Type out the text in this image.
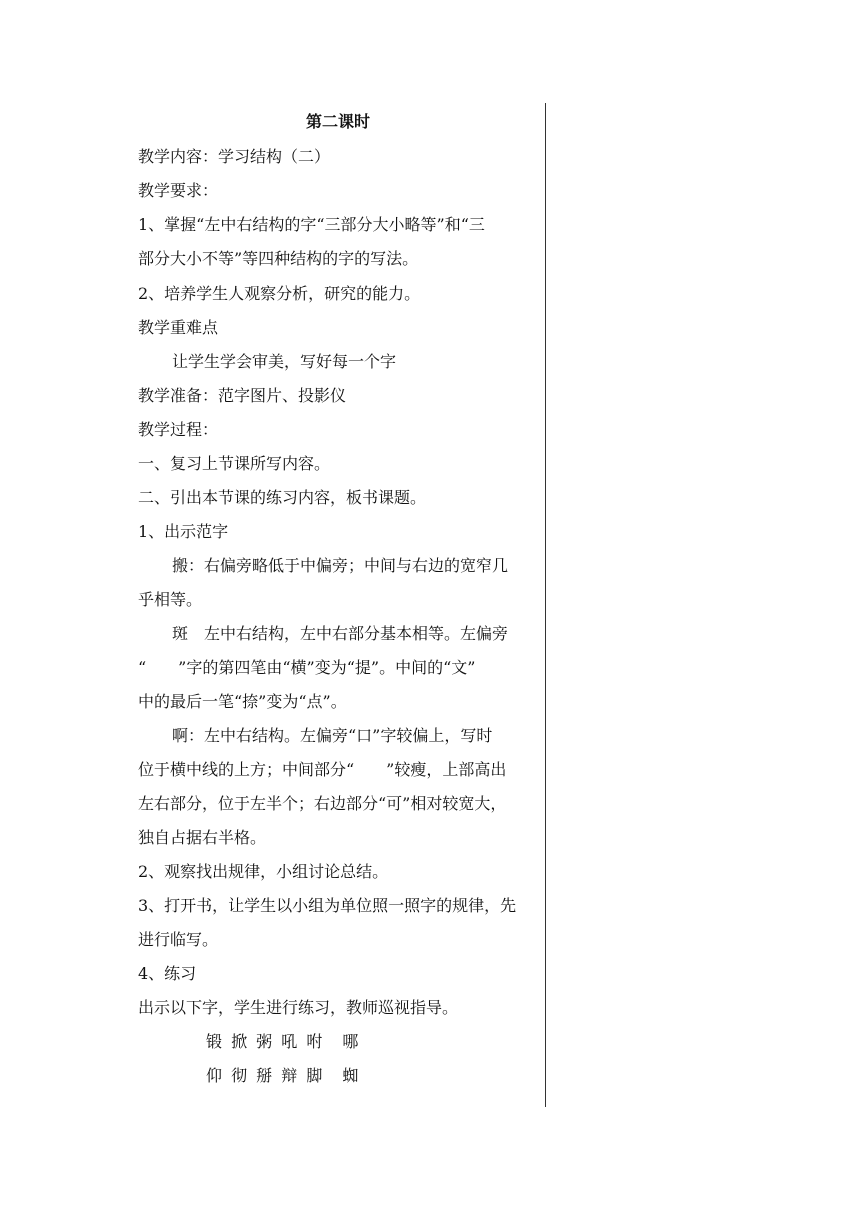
第二课时
教学内容：学习结构（二）
教学要求：
1、掌握“左中右结构的字“三部分大小略等”和“三
部分大小不等”等四种结构的字的写法。
2、培养学生人观察分析，研究的能力。
教学重难点
让学生学会审美，写好每一个字
教学准备：范字图片、投影仪
教学过程：
一、复习上节课所写内容。
二、引出本节课的练习内容，板书课题。
1、出示范字
搬：右偏旁略低于中偏旁；中间与右边的宽窄几
乎相等。
斑　左中右结构，左中右部分基本相等。左偏旁
“　　”字的第四笔由“横”变为“提”。中间的“文”
中的最后一笔“捺”变为“点”。
啊：左中右结构。左偏旁“口”字较偏上，写时
位于横中线的上方；中间部分“　　”较瘦，上部高出
左右部分，位于左半个；右边部分“可”相对较宽大，
独自占据右半格。
2、观察找出规律，小组讨论总结。
3、打开书，让学生以小组为单位照一照字的规律，先
进行临写。
4、练习
出示以下字，学生进行练习，教师巡视指导。
锻 掀 粥 吼 咐　哪
仰 彻 掰 辩 脚　蜘
